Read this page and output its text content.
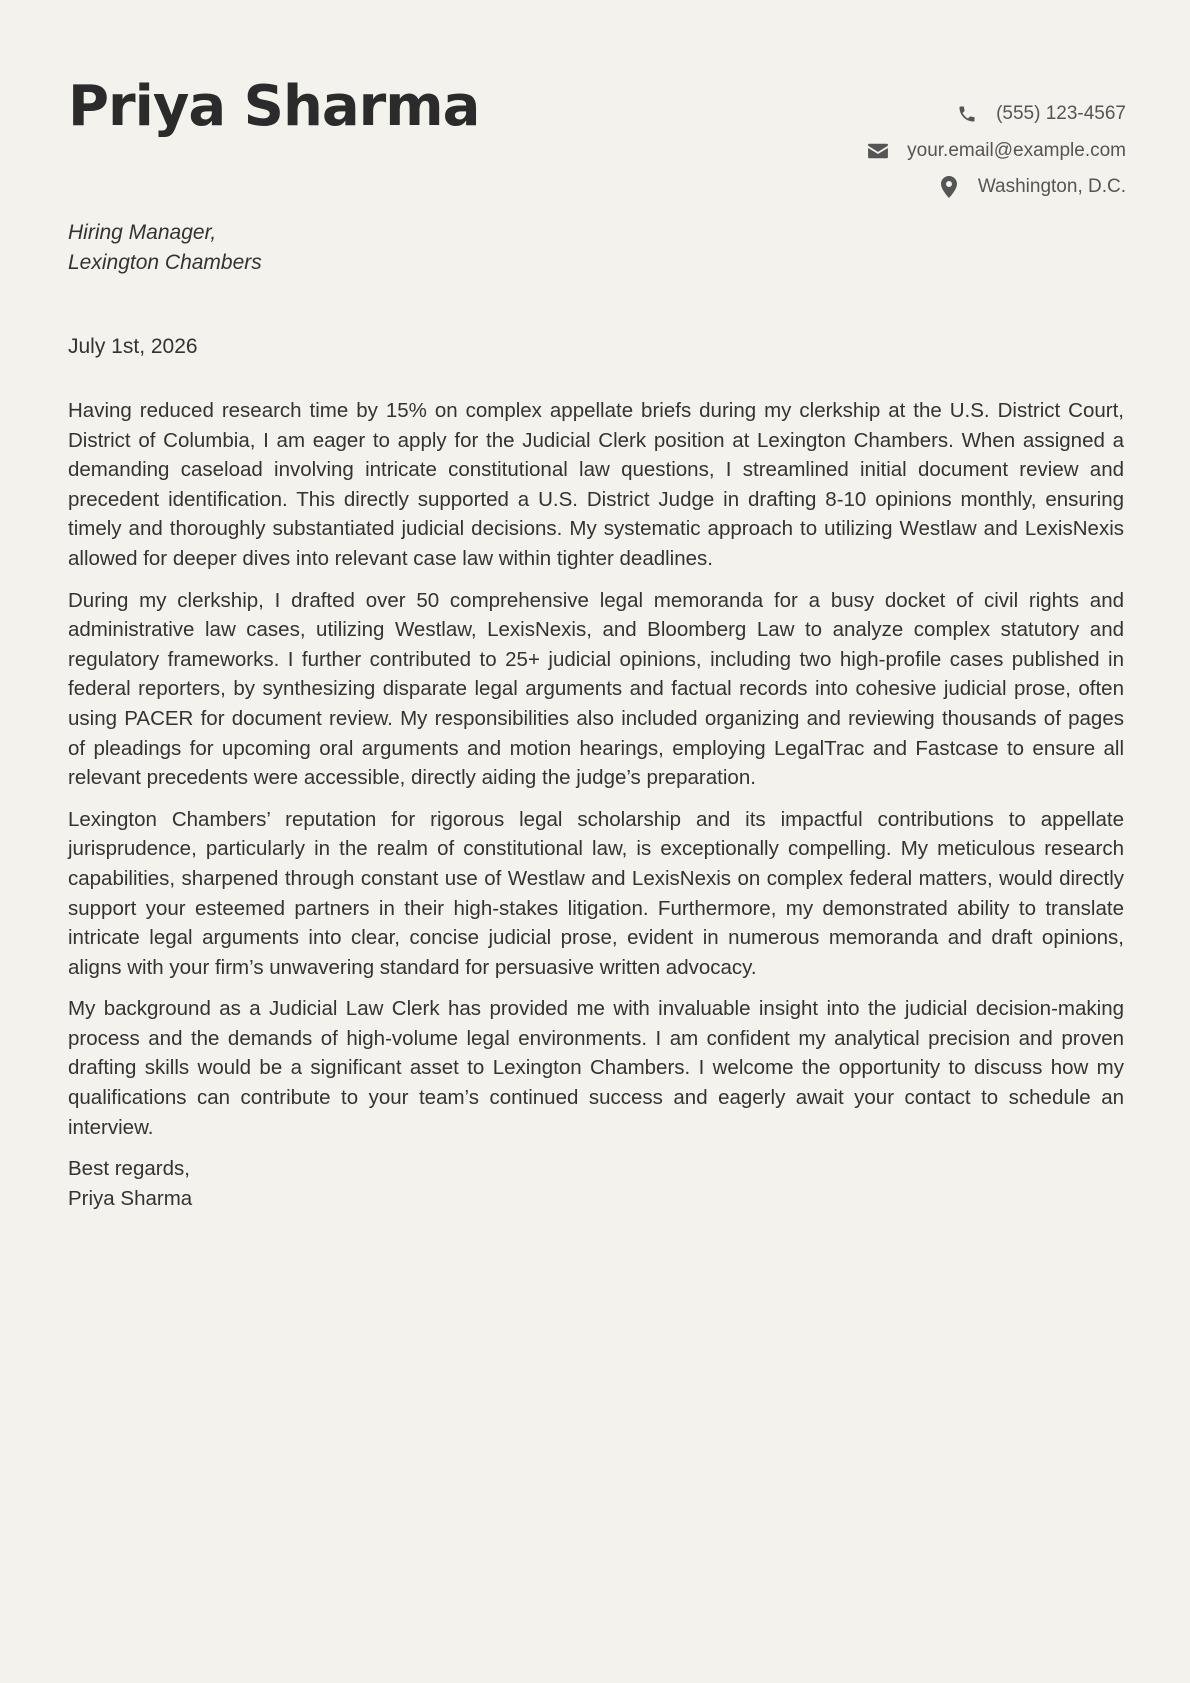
Priya Sharma	(555) 123-4567
your.email@example.com
Washington, D.C.
Hiring Manager,
Lexington Chambers
July 1st, 2026

Having reduced research time by 15% on complex appellate briefs during my clerkship at the U.S. District Court, District of Columbia, I am eager to apply for the Judicial Clerk position at Lexington Chambers. When assigned a demanding caseload involving intricate constitutional law questions, I streamlined initial document review and precedent identification. This directly supported a U.S. District Judge in drafting 8-10 opinions monthly, ensuring timely and thoroughly substantiated judicial decisions. My systematic approach to utilizing Westlaw and LexisNexis allowed for deeper dives into relevant case law within tighter deadlines.

During my clerkship, I drafted over 50 comprehensive legal memoranda for a busy docket of civil rights and administrative law cases, utilizing Westlaw, LexisNexis, and Bloomberg Law to analyze complex statutory and regulatory frameworks. I further contributed to 25+ judicial opinions, including two high-profile cases published in federal reporters, by synthesizing disparate legal arguments and factual records into cohesive judicial prose, often using PACER for document review. My responsibilities also included organizing and reviewing thousands of pages of pleadings for upcoming oral arguments and motion hearings, employing LegalTrac and Fastcase to ensure all relevant precedents were accessible, directly aiding the judge’s preparation.

Lexington Chambers’ reputation for rigorous legal scholarship and its impactful contributions to appellate jurisprudence, particularly in the realm of constitutional law, is exceptionally compelling. My meticulous research capabilities, sharpened through constant use of Westlaw and LexisNexis on complex federal matters, would directly support your esteemed partners in their high-stakes litigation. Furthermore, my demonstrated ability to translate intricate legal arguments into clear, concise judicial prose, evident in numerous memoranda and draft opinions, aligns with your firm’s unwavering standard for persuasive written advocacy.

My background as a Judicial Law Clerk has provided me with invaluable insight into the judicial decision-making process and the demands of high-volume legal environments. I am confident my analytical precision and proven drafting skills would be a significant asset to Lexington Chambers. I welcome the opportunity to discuss how my qualifications can contribute to your team’s continued success and eagerly await your contact to schedule an interview.

Best regards,
Priya Sharma
